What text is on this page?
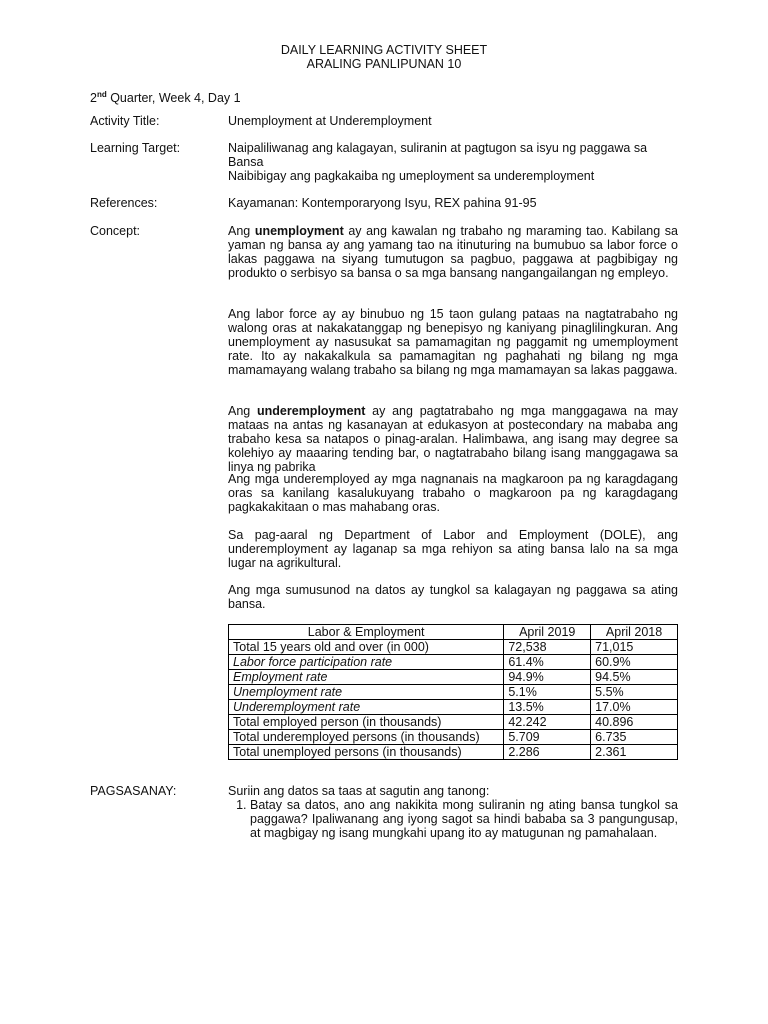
DAILY LEARNING ACTIVITY SHEET
ARALING PANLIPUNAN 10
2nd Quarter, Week 4, Day 1
Activity Title:	Unemployment at Underemployment
Learning Target:	Naipaliliwanag ang kalagayan, suliranin at pagtugon sa isyu ng paggawa sa Bansa
Naibibigay ang pagkakaiba ng umeployment sa underemployment
References:	Kayamanan: Kontemporaryong Isyu, REX pahina 91-95
Concept:	Ang unemployment ay ang kawalan ng trabaho ng maraming tao. Kabilang sa yaman ng bansa ay ang yamang tao na itinuturing na bumubuo sa labor force o lakas paggawa na siyang tumutugon sa pagbuo, paggawa at pagbibigay ng produkto o serbisyo sa bansa o sa mga bansang nangangailangan ng empleyo.
Ang labor force ay ay binubuo ng 15 taon gulang pataas na nagtatrabaho ng walong oras at nakakatanggap ng benepisyo ng kaniyang pinaglilingkuran. Ang unemployment ay nasusukat sa pamamagitan ng paggamit ng umemployment rate. Ito ay nakakalkula sa pamamagitan ng paghahati ng bilang ng mga mamamayang walang trabaho sa bilang ng mga mamamayan sa lakas paggawa.
Ang underemployment ay ang pagtatrabaho ng mga manggagawa na may mataas na antas ng kasanayan at edukasyon at postecondary na mababa ang trabaho kesa sa natapos o pinag-aralan. Halimbawa, ang isang may degree sa kolehiyo ay maaaring tending bar, o nagtatrabaho bilang isang manggagawa sa linya ng pabrika
Ang mga underemployed ay mga nagnanais na magkaroon pa ng karagdagang oras sa kanilang kasalukuyang trabaho o magkaroon pa ng karagdagang pagkakakitaan o mas mahabang oras.
Sa pag-aaral ng Department of Labor and Employment (DOLE), ang underemployment ay laganap sa mga rehiyon sa ating bansa lalo na sa mga lugar na agrikultural.
Ang mga sumusunod na datos ay tungkol sa kalagayan ng paggawa sa ating bansa.
Labor & Employment	April 2019	April 2018
Total 15 years old and over (in 000)	72,538	71,015
Labor force participation rate	61.4%	60.9%
Employment rate	94.9%	94.5%
Unemployment rate	5.1%	5.5%
Underemployment rate	13.5%	17.0%
Total employed person (in thousands)	42.242	40.896
Total underemployed persons (in thousands)	5.709	6.735
Total unemployed persons (in thousands)	2.286	2.361
PAGSASANAY:	Suriin ang datos sa taas at sagutin ang tanong:
1. Batay sa datos, ano ang nakikita mong suliranin ng ating bansa tungkol sa paggawa? Ipaliwanang ang iyong sagot sa hindi bababa sa 3 pangungusap, at magbigay ng isang mungkahi upang ito ay matugunan ng pamahalaan.
